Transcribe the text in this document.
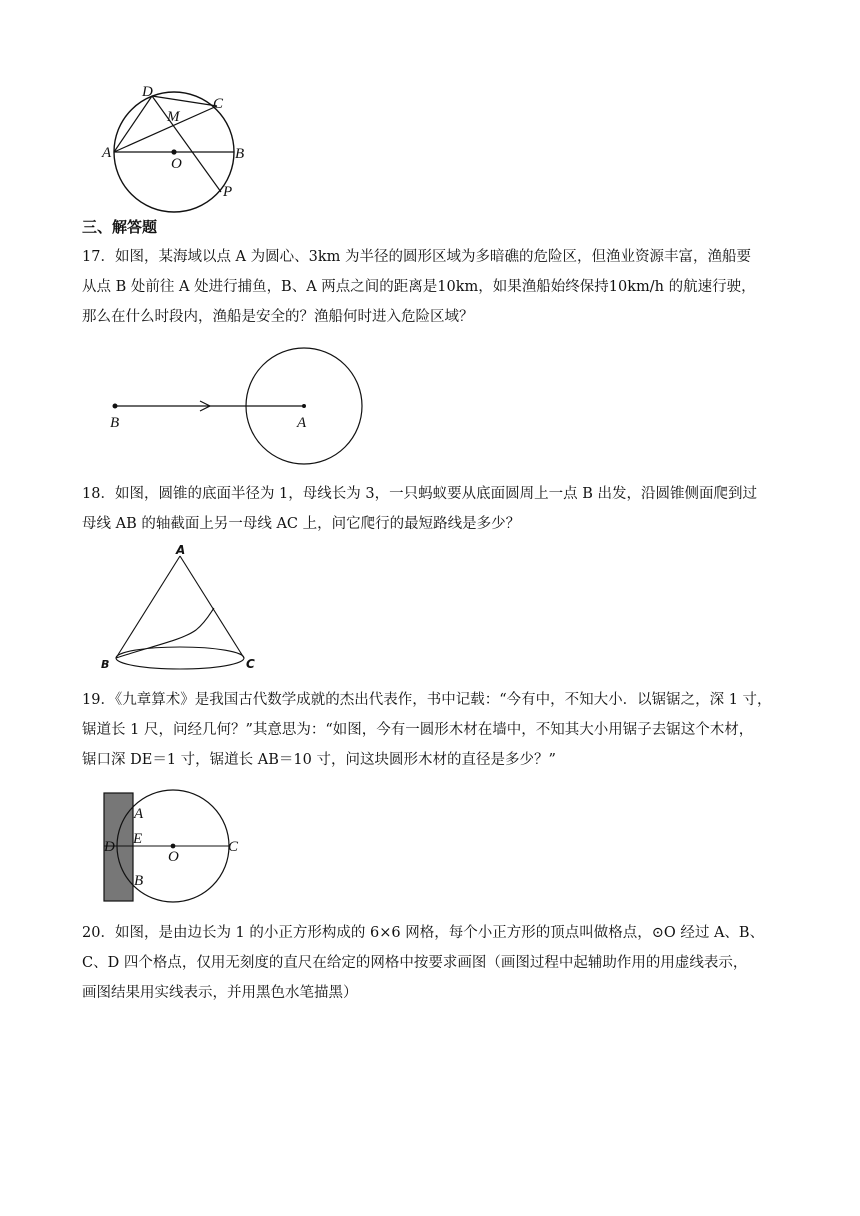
D
C
M
A
O
B
P
三、解答题

17．如图，某海域以点 A 为圆心、3km 为半径的圆形区域为多暗礁的危险区，但渔业资源丰富，渔船要

从点 B 处前往 A 处进行捕鱼，B、A 两点之间的距离是10km，如果渔船始终保持10km/h 的航速行驶，

那么在什么时段内，渔船是安全的？渔船何时进入危险区域？

B	A

18．如图，圆锥的底面半径为 1，母线长为 3，一只蚂蚁要从底面圆周上一点 B 出发，沿圆锥侧面爬到过

母线 AB 的轴截面上另一母线 AC 上，问它爬行的最短路线是多少？

A
B	C

19．《九章算术》是我国古代数学成就的杰出代表作，书中记载：“今有中，不知大小．以锯锯之，深 1 寸，

锯道长 1 尺，问经几何？”其意思为：“如图，今有一圆形木材在墙中，不知其大小用锯子去锯这个木材，

锯口深 DE＝1 寸，锯道长 AB＝10 寸，问这块圆形木材的直径是多少？”

A
E
D
O
C
B

20．如图，是由边长为 1 的小正方形构成的 6×6 网格，每个小正方形的顶点叫做格点，⊙O 经过 A、B、

C、D 四个格点，仅用无刻度的直尺在给定的网格中按要求画图（画图过程中起辅助作用的用虚线表示，

画图结果用实线表示，并用黑色水笔描黑）
